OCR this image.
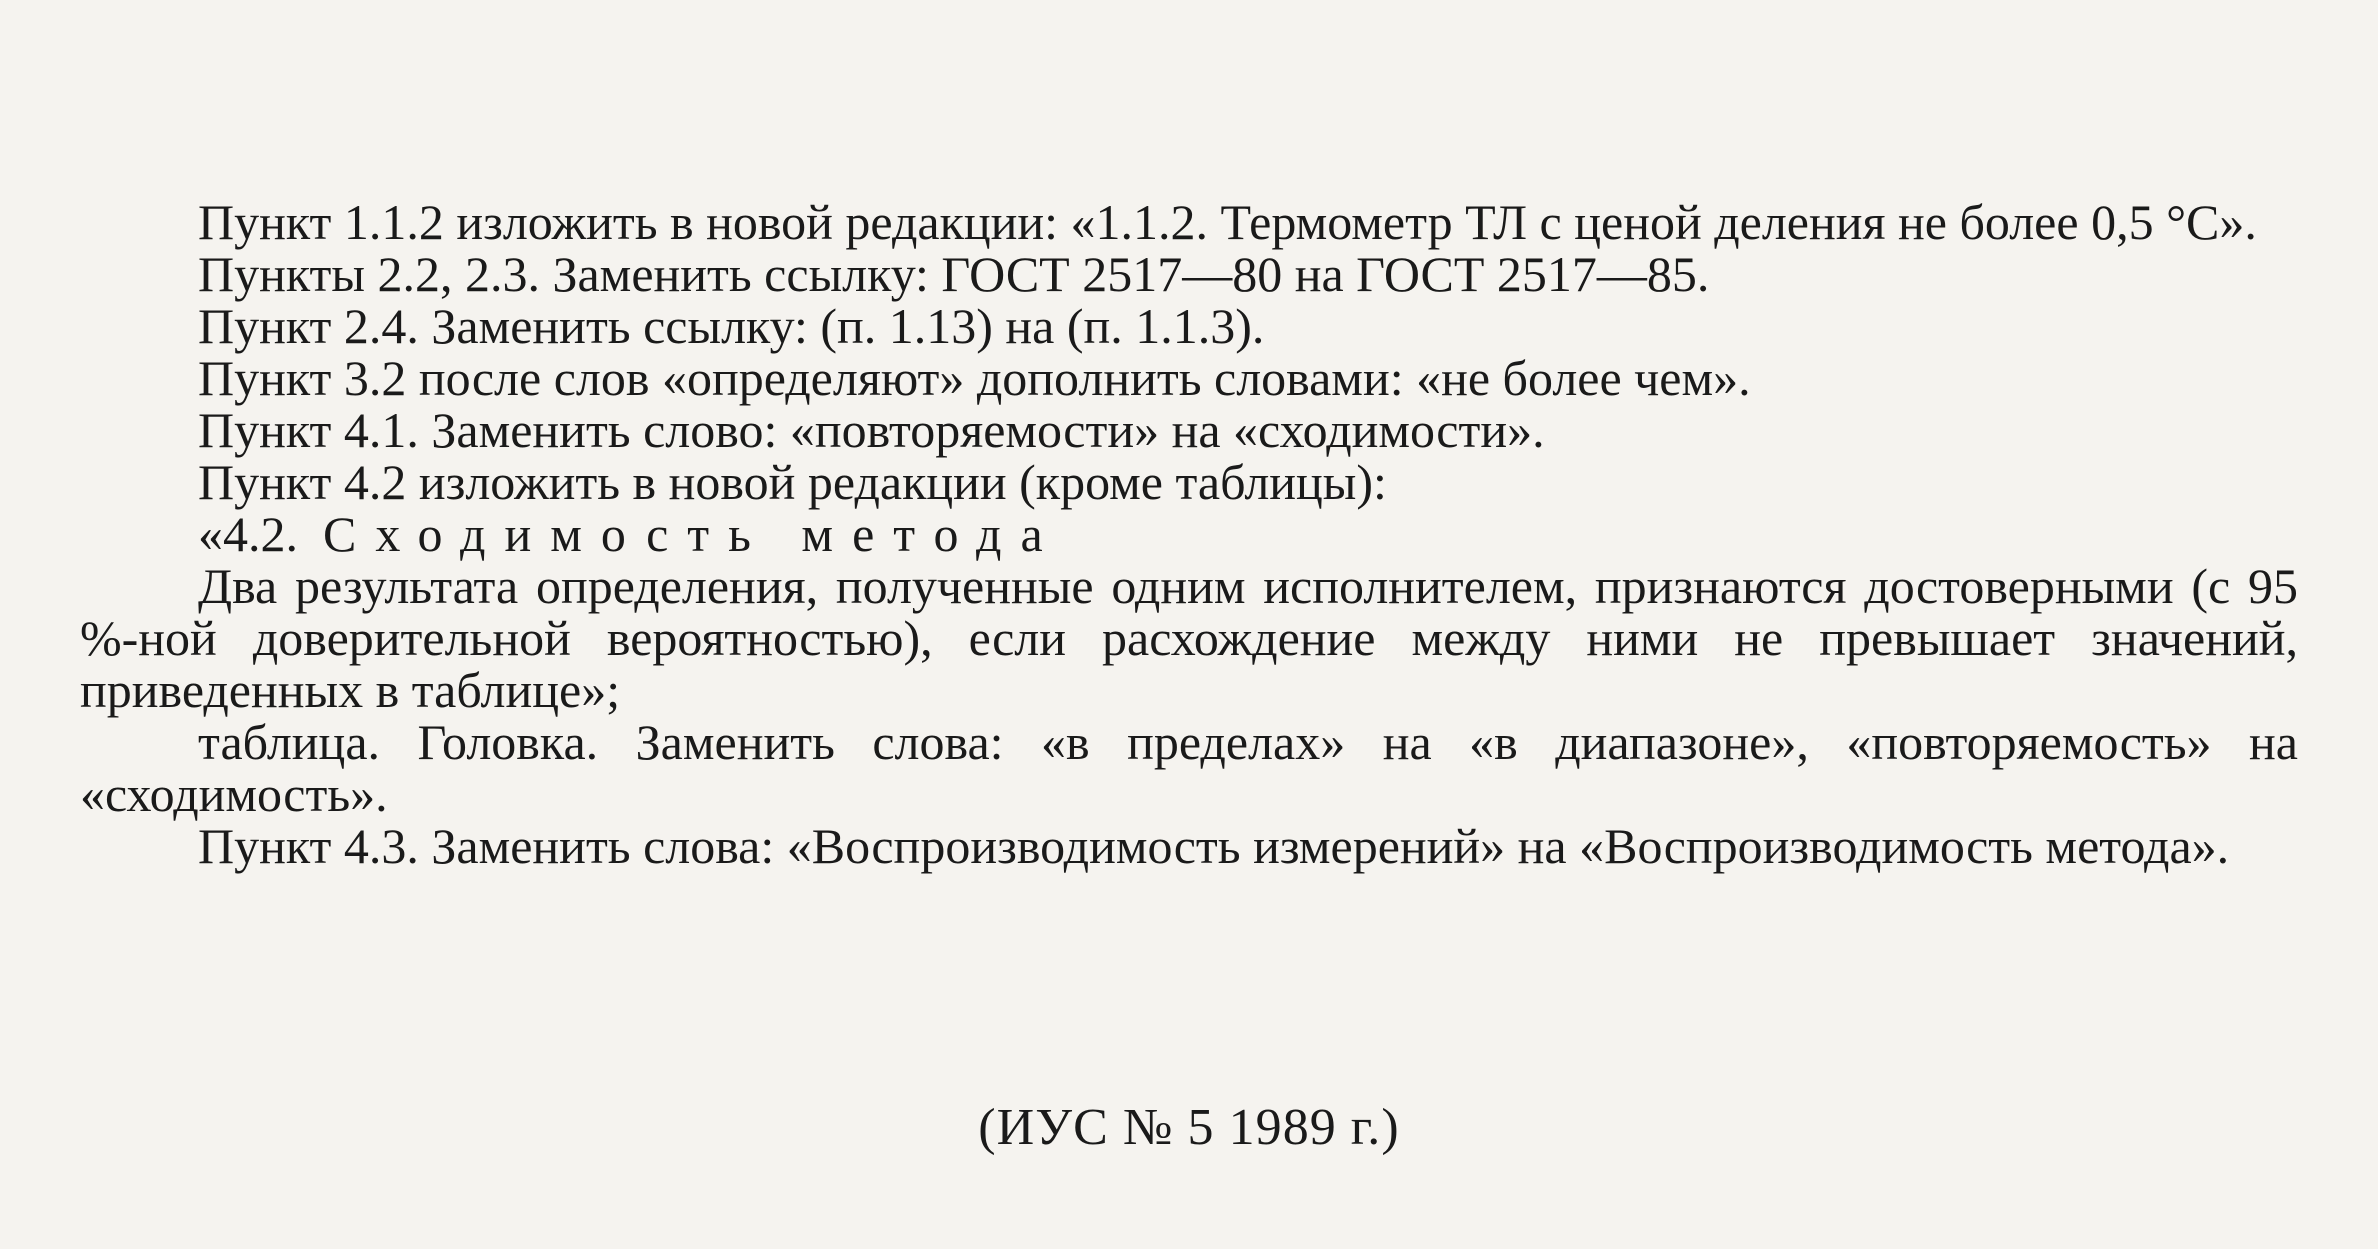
Пункт 1.1.2 изложить в новой редакции: «1.1.2. Термометр ТЛ с ценой деления не более 0,5 °С».

Пункты 2.2, 2.3. Заменить ссылку: ГОСТ 2517—80 на ГОСТ 2517—85.

Пункт 2.4. Заменить ссылку: (п. 1.13) на (п. 1.1.3).

Пункт 3.2 после слов «определяют» дополнить словами: «не более чем».

Пункт 4.1. Заменить слово: «повторяемости» на «сходимости».

Пункт 4.2 изложить в новой редакции (кроме таблицы):

«4.2. Сходимость метода

Два результата определения, полученные одним исполнителем, признаются достоверными (с 95 %-ной доверительной вероятностью), если расхождение между ними не превышает значений, приведенных в таблице»;

таблица. Головка. Заменить слова: «в пределах» на «в диапазоне», «повторяемость» на «сходимость».

Пункт 4.3. Заменить слова: «Воспроизводимость измерений» на «Воспроизводимость метода».

(ИУС № 5 1989 г.)
